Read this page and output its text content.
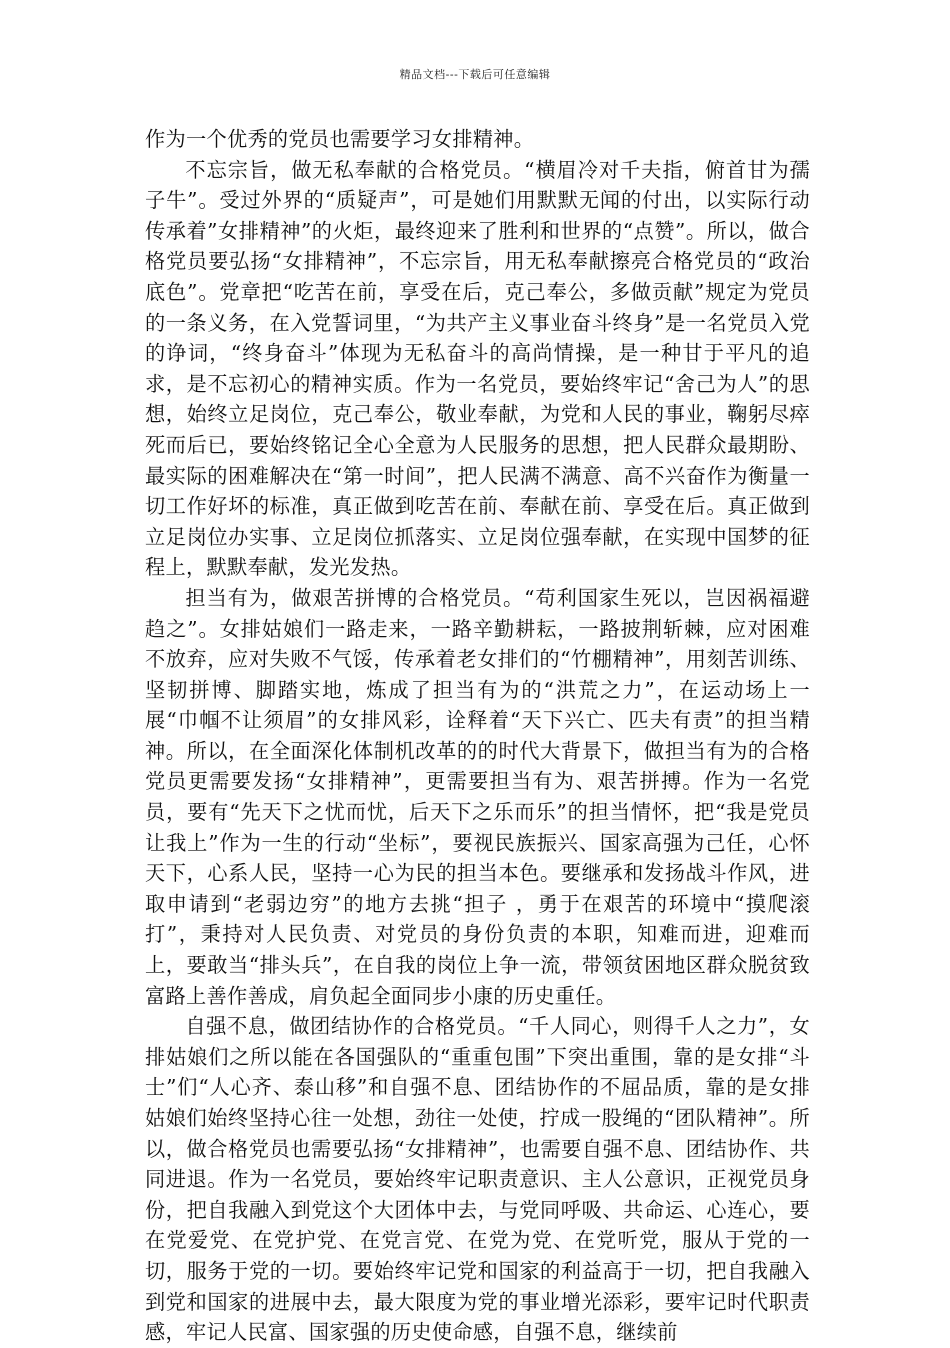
精品文档---下载后可任意编辑

作为一个优秀的党员也需要学习女排精神。

不忘宗旨，做无私奉献的合格党员。“横眉冷对千夫指，俯首甘为孺子牛”。受过外界的“质疑声”，可是她们用默默无闻的付出，以实际行动传承着”女排精神”的火炬，最终迎来了胜利和世界的“点赞”。所以，做合格党员要弘扬“女排精神”，不忘宗旨，用无私奉献擦亮合格党员的“政治底色”。党章把“吃苦在前，享受在后，克己奉公，多做贡献”规定为党员的一条义务，在入党誓词里，“为共产主义事业奋斗终身”是一名党员入党的诤词，“终身奋斗”体现为无私奋斗的高尚情操，是一种甘于平凡的追求，是不忘初心的精神实质。作为一名党员，要始终牢记“舍己为人”的思想，始终立足岗位，克己奉公，敬业奉献，为党和人民的事业，鞠躬尽瘁死而后已，要始终铭记全心全意为人民服务的思想，把人民群众最期盼、最实际的困难解决在“第一时间”，把人民满不满意、高不兴奋作为衡量一切工作好坏的标准，真正做到吃苦在前、奉献在前、享受在后。真正做到立足岗位办实事、立足岗位抓落实、立足岗位强奉献，在实现中国梦的征程上，默默奉献，发光发热。

担当有为，做艰苦拼博的合格党员。“苟利国家生死以，岂因祸福避趋之”。女排姑娘们一路走来，一路辛勤耕耘，一路披荆斩棘，应对困难不放弃，应对失败不气馁，传承着老女排们的“竹棚精神”，用刻苦训练、坚韧拼博、脚踏实地，炼成了担当有为的“洪荒之力”，在运动场上一展“巾帼不让须眉”的女排风彩，诠释着“天下兴亡、匹夫有责”的担当精神。所以，在全面深化体制机改革的的时代大背景下，做担当有为的合格党员更需要发扬“女排精神”，更需要担当有为、艰苦拼搏。作为一名党员，要有“先天下之忧而忧，后天下之乐而乐”的担当情怀，把“我是党员让我上”作为一生的行动“坐标”，要视民族振兴、国家高强为己任，心怀天下，心系人民，坚持一心为民的担当本色。要继承和发扬战斗作风，进取申请到“老弱边穷”的地方去挑“担子 ，勇于在艰苦的环境中“摸爬滚打”，秉持对人民负责、对党员的身份负责的本职，知难而进，迎难而上，要敢当“排头兵”，在自我的岗位上争一流，带领贫困地区群众脱贫致富路上善作善成，肩负起全面同步小康的历史重任。

自强不息，做团结协作的合格党员。“千人同心，则得千人之力”，女排姑娘们之所以能在各国强队的“重重包围”下突出重围，靠的是女排“斗士”们“人心齐、泰山移”和自强不息、团结协作的不屈品质，靠的是女排姑娘们始终坚持心往一处想，劲往一处使，拧成一股绳的“团队精神”。所以，做合格党员也需要弘扬“女排精神”，也需要自强不息、团结协作、共同进退。作为一名党员，要始终牢记职责意识、主人公意识，正视党员身份，把自我融入到党这个大团体中去，与党同呼吸、共命运、心连心，要在党爱党、在党护党、在党言党、在党为党、在党听党，服从于党的一切，服务于党的一切。要始终牢记党和国家的利益高于一切，把自我融入到党和国家的进展中去，最大限度为党的事业增光添彩，要牢记时代职责感，牢记人民富、国家强的历史使命感，自强不息，继续前
